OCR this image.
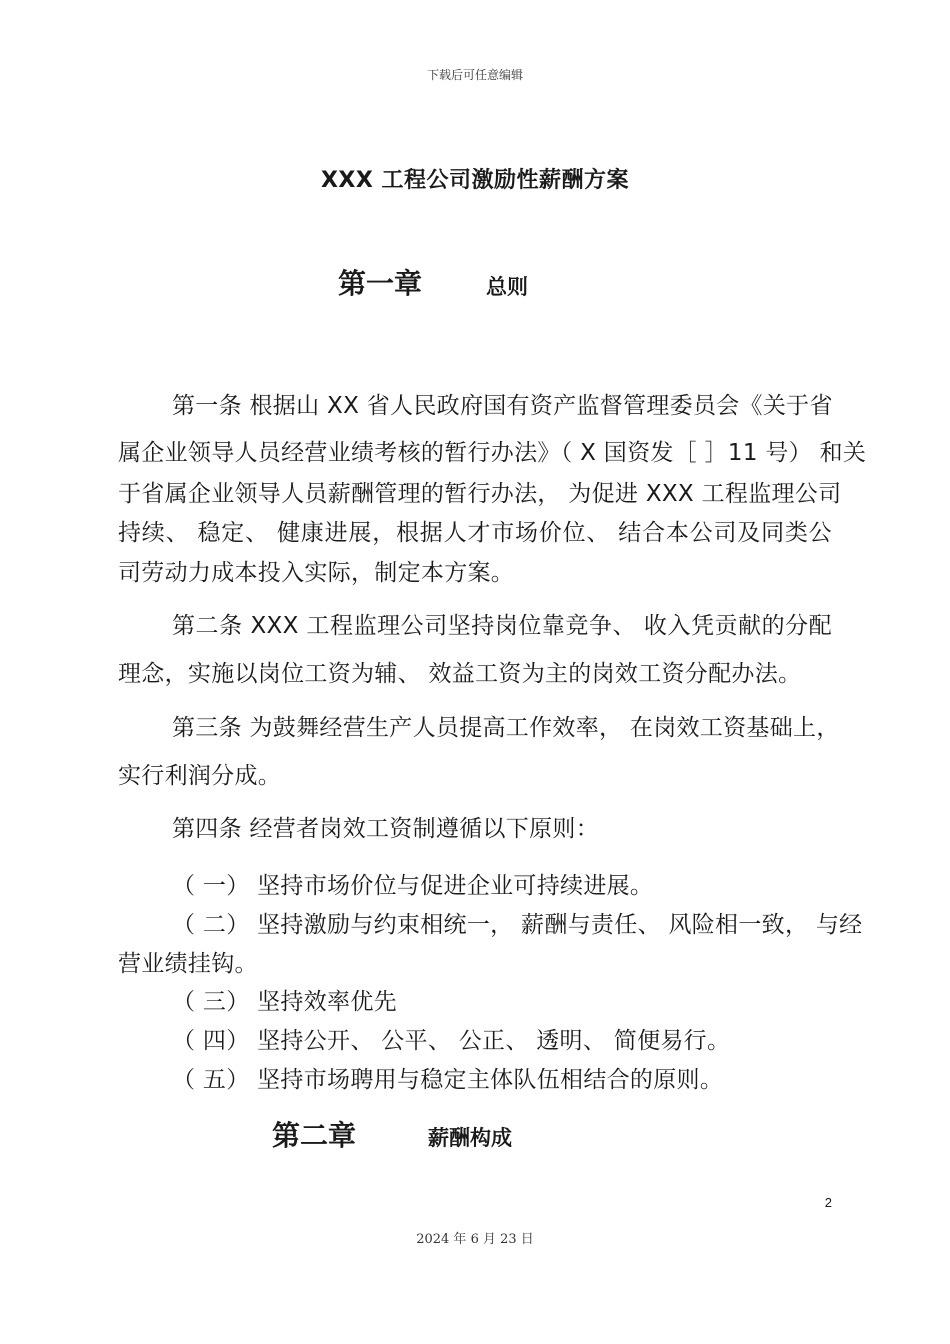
下载后可任意编辑
XXX 工程公司激励性薪酬方案
第一章	总则
第一条 根据山 XX 省人民政府国有资产监督管理委员会《关于省
属企业领导人员经营业绩考核的暂行办法》（ X 国资发［ ］11 号） 和关
于省属企业领导人员薪酬管理的暂行办法， 为促进 XXX 工程监理公司
持续、 稳定、 健康进展，根据人才市场价位、 结合本公司及同类公
司劳动力成本投入实际，制定本方案。
第二条 XXX 工程监理公司坚持岗位靠竞争、 收入凭贡献的分配
理念，实施以岗位工资为辅、 效益工资为主的岗效工资分配办法。
第三条 为鼓舞经营生产人员提高工作效率， 在岗效工资基础上，
实行利润分成。
第四条 经营者岗效工资制遵循以下原则：
（ 一） 坚持市场价位与促进企业可持续进展。
（ 二） 坚持激励与约束相统一， 薪酬与责任、 风险相一致， 与经
营业绩挂钩。
（ 三） 坚持效率优先
（ 四） 坚持公开、 公平、 公正、 透明、 简便易行。
（ 五） 坚持市场聘用与稳定主体队伍相结合的原则。
第二章	薪酬构成
2
2024 年 6 月 23 日
